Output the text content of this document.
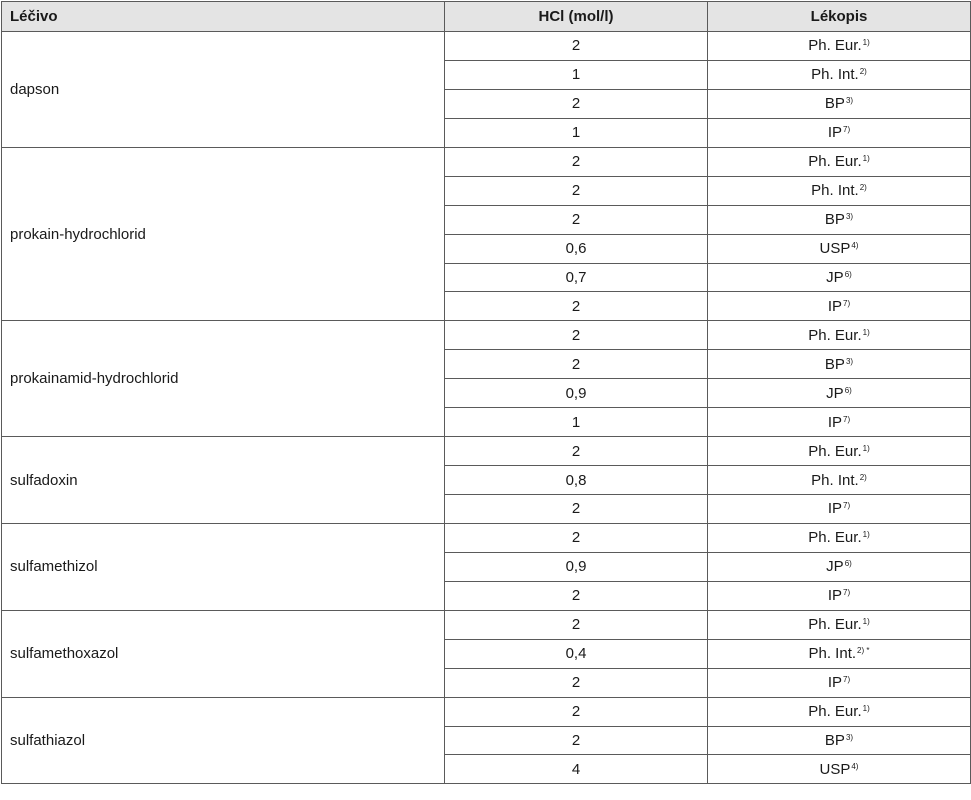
Léčivo	HCl (mol/l)	Lékopis
dapson	2	Ph. Eur.$^{1)}$
	1	Ph. Int.$^{2)}$
	2	BP$^{3)}$
	1	IP$^{7)}$
prokain-hydrochlorid	2	Ph. Eur.$^{1)}$
	2	Ph. Int.$^{2)}$
	2	BP$^{3)}$
	0,6	USP$^{4)}$
	0,7	JP$^{6)}$
	2	IP$^{7)}$
prokainamid-hydrochlorid	2	Ph. Eur.$^{1)}$
	2	BP$^{3)}$
	0,9	JP$^{6)}$
	1	IP$^{7)}$
sulfadoxin	2	Ph. Eur.$^{1)}$
	0,8	Ph. Int.$^{2)}$
	2	IP$^{7)}$
sulfamethizol	2	Ph. Eur.$^{1)}$
	0,9	JP$^{6)}$
	2	IP$^{7)}$
sulfamethoxazol	2	Ph. Eur.$^{1)}$
	0,4	Ph. Int.$^{2) *}$
	2	IP$^{7)}$
sulfathiazol	2	Ph. Eur.$^{1)}$
	2	BP$^{3)}$
	4	USP$^{4)}$
